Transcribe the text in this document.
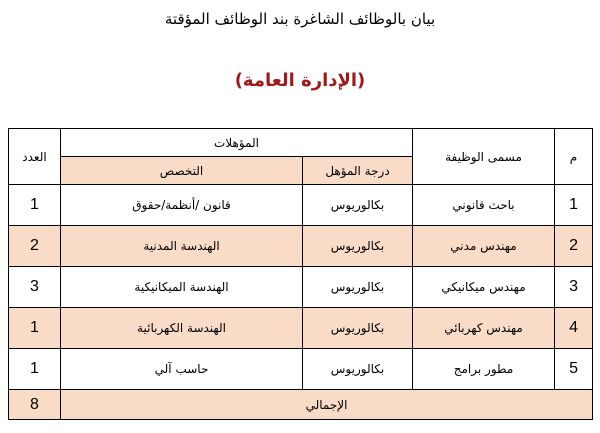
بيان بالوظائف الشاغرة بند الوظائف المؤقتة
(الإدارة العامة)
م	مسمى الوظيفة	المؤهلات		العدد
		درجة المؤهل	التخصص	
1	باحث قانوني	بكالوريوس	قانون /أنظمة/حقوق	1
2	مهندس مدني	بكالوريوس	الهندسة المدنية	2
3	مهندس ميكانيكي	بكالوريوس	الهندسة الميكانيكية	3
4	مهندس كهربائي	بكالوريوس	الهندسة الكهربائية	1
5	مطور برامج	بكالوريوس	حاسب آلي	1
الإجمالي				8
